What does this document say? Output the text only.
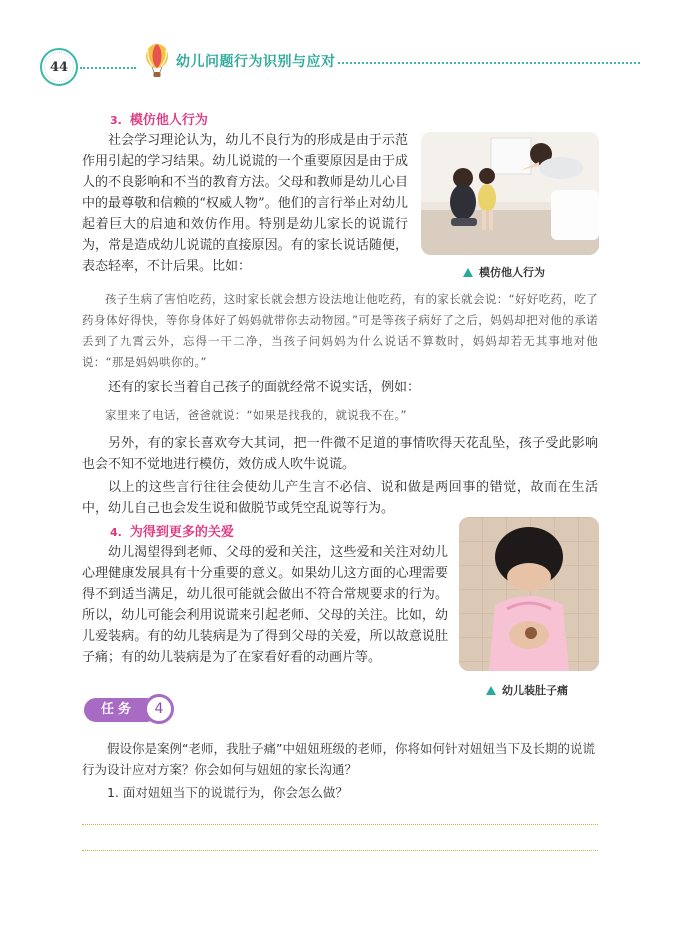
44	幼儿问题行为识别与应对
3. 模仿他人行为

社会学习理论认为，幼儿不良行为的形成是由于示范作用引起的学习结果。幼儿说谎的一个重要原因是由于成人的不良影响和不当的教育方法。父母和教师是幼儿心目中的最尊敬和信赖的“权威人物”。他们的言行举止对幼儿起着巨大的启迪和效仿作用。特别是幼儿家长的说谎行为，常是造成幼儿说谎的直接原因。有的家长说话随便，表态轻率，不计后果。比如：	模仿他人行为

孩子生病了害怕吃药，这时家长就会想方设法地让他吃药，有的家长就会说：“好好吃药，吃了药身体好得快，等你身体好了妈妈就带你去动物园。”可是等孩子病好了之后，妈妈却把对他的承诺丢到了九霄云外，忘得一干二净，当孩子问妈妈为什么说话不算数时，妈妈却若无其事地对他说：“那是妈妈哄你的。”

还有的家长当着自己孩子的面就经常不说实话，例如：

家里来了电话，爸爸就说：“如果是找我的，就说我不在。”

另外，有的家长喜欢夸大其词，把一件微不足道的事情吹得天花乱坠，孩子受此影响也会不知不觉地进行模仿，效仿成人吹牛说谎。

以上的这些言行往往会使幼儿产生言不必信、说和做是两回事的错觉，故而在生活中，幼儿自己也会发生说和做脱节或凭空乱说等行为。

4. 为得到更多的关爱

幼儿渴望得到老师、父母的爱和关注，这些爱和关注对幼儿心理健康发展具有十分重要的意义。如果幼儿这方面的心理需要得不到适当满足，幼儿很可能就会做出不符合常规要求的行为。所以，幼儿可能会利用说谎来引起老师、父母的关注。比如，幼儿爱装病。有的幼儿装病是为了得到父母的关爱，所以故意说肚子痛；有的幼儿装病是为了在家看好看的动画片等。

幼儿装肚子痛
任务	4

假设你是案例“老师，我肚子痛”中妞妞班级的老师，你将如何针对妞妞当下及长期的说谎行为设计应对方案？你会如何与妞妞的家长沟通？

1. 面对妞妞当下的说谎行为，你会怎么做？
